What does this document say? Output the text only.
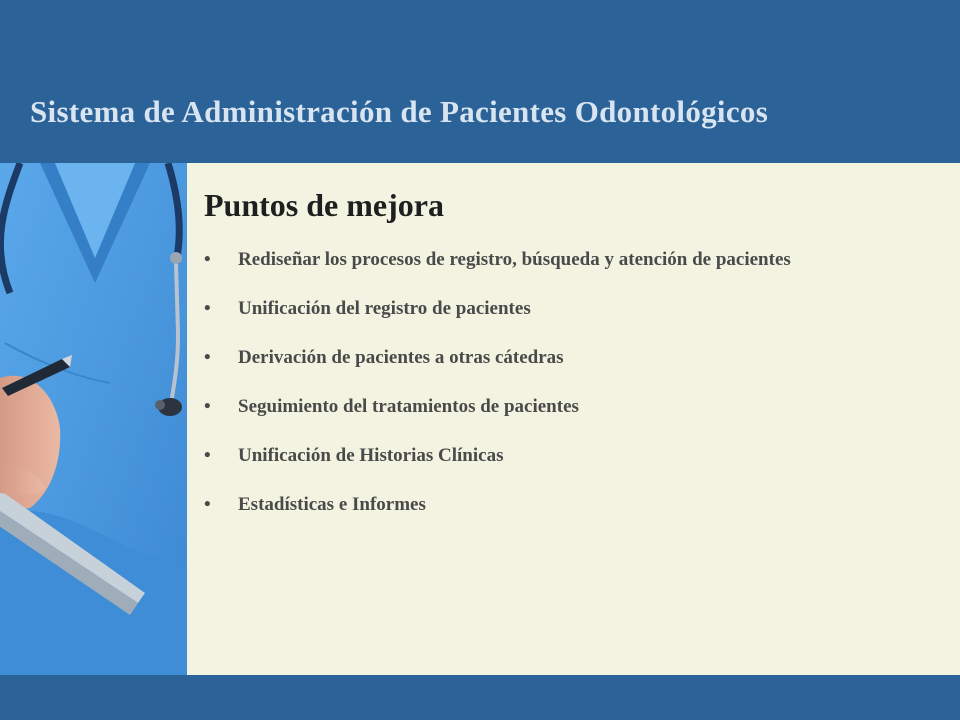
Sistema de Administración de Pacientes Odontológicos
Puntos de mejora
• Rediseñar los procesos de registro, búsqueda y atención de pacientes
• Unificación del registro de pacientes
• Derivación de pacientes a otras cátedras
• Seguimiento del tratamientos de pacientes
• Unificación de Historias Clínicas
• Estadísticas e Informes
